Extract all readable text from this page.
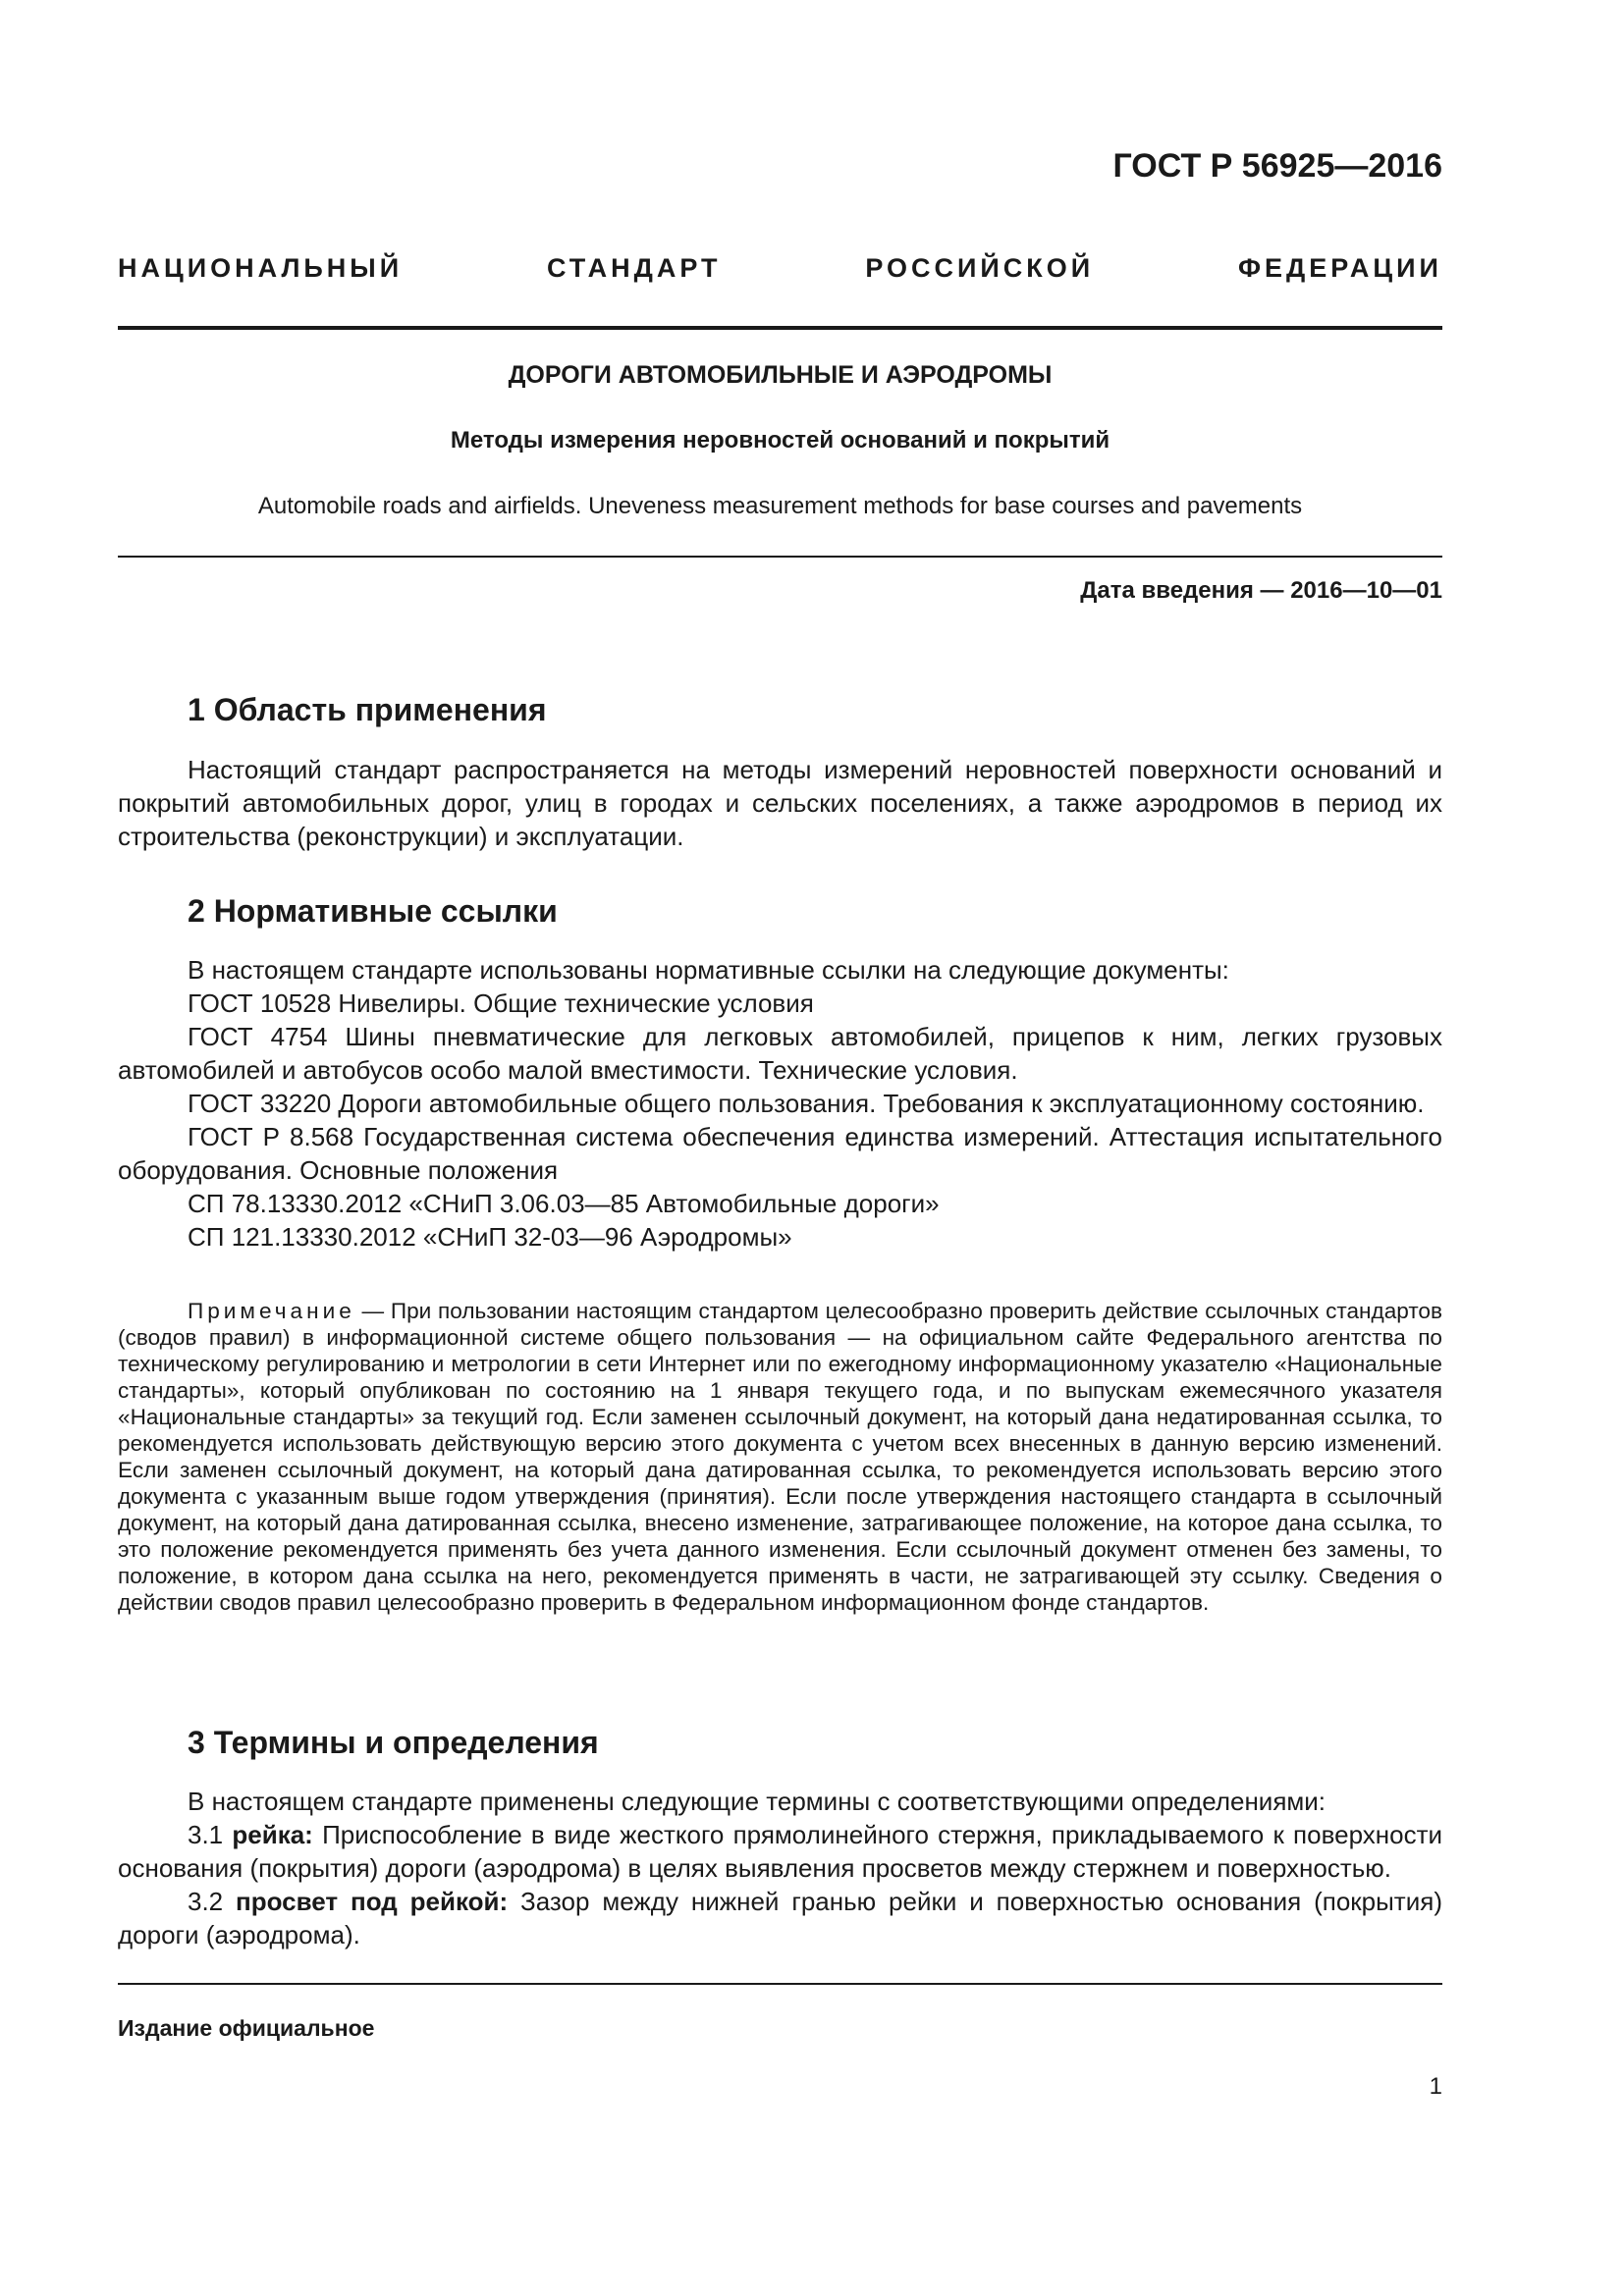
ГОСТ Р 56925—2016
НАЦИОНАЛЬНЫЙ	СТАНДАРТ	РОССИЙСКОЙ	ФЕДЕРАЦИИ
ДОРОГИ АВТОМОБИЛЬНЫЕ И АЭРОДРОМЫ
Методы измерения неровностей оснований и покрытий
Automobile roads and airfields. Uneveness measurement methods for base courses and pavements
Дата введения — 2016—10—01
1 Область применения

Настоящий стандарт распространяется на методы измерений неровностей поверхности оснований и покрытий автомобильных дорог, улиц в городах и сельских поселениях, а также аэродромов в период их строительства (реконструкции) и эксплуатации.

2 Нормативные ссылки

В настоящем стандарте использованы нормативные ссылки на следующие документы:

ГОСТ 10528 Нивелиры. Общие технические условия

ГОСТ 4754 Шины пневматические для легковых автомобилей, прицепов к ним, легких грузовых автомобилей и автобусов особо малой вместимости. Технические условия.

ГОСТ 33220 Дороги автомобильные общего пользования. Требования к эксплуатационному состоянию.

ГОСТ Р 8.568 Государственная система обеспечения единства измерений. Аттестация испытательного оборудования. Основные положения

СП 78.13330.2012 «СНиП 3.06.03—85 Автомобильные дороги»

СП 121.13330.2012 «СНиП 32-03—96 Аэродромы»

Примечание — При пользовании настоящим стандартом целесообразно проверить действие ссылочных стандартов (сводов правил) в информационной системе общего пользования — на официальном сайте Федерального агентства по техническому регулированию и метрологии в сети Интернет или по ежегодному информационному указателю «Национальные стандарты», который опубликован по состоянию на 1 января текущего года, и по выпускам ежемесячного указателя «Национальные стандарты» за текущий год. Если заменен ссылочный документ, на который дана недатированная ссылка, то рекомендуется использовать действующую версию этого документа с учетом всех внесенных в данную версию изменений. Если заменен ссылочный документ, на который дана датированная ссылка, то рекомендуется использовать версию этого документа с указанным выше годом утверждения (принятия). Если после утверждения настоящего стандарта в ссылочный документ, на который дана датированная ссылка, внесено изменение, затрагивающее положение, на которое дана ссылка, то это положение рекомендуется применять без учета данного изменения. Если ссылочный документ отменен без замены, то положение, в котором дана ссылка на него, рекомендуется применять в части, не затрагивающей эту ссылку. Сведения о действии сводов правил целесообразно проверить в Федеральном информационном фонде стандартов.

3 Термины и определения

В настоящем стандарте применены следующие термины с соответствующими определениями:

3.1 рейка: Приспособление в виде жесткого прямолинейного стержня, прикладываемого к поверхности основания (покрытия) дороги (аэродрома) в целях выявления просветов между стержнем и поверхностью.

3.2 просвет под рейкой: Зазор между нижней гранью рейки и поверхностью основания (покрытия) дороги (аэродрома).

Издание официальное
1
